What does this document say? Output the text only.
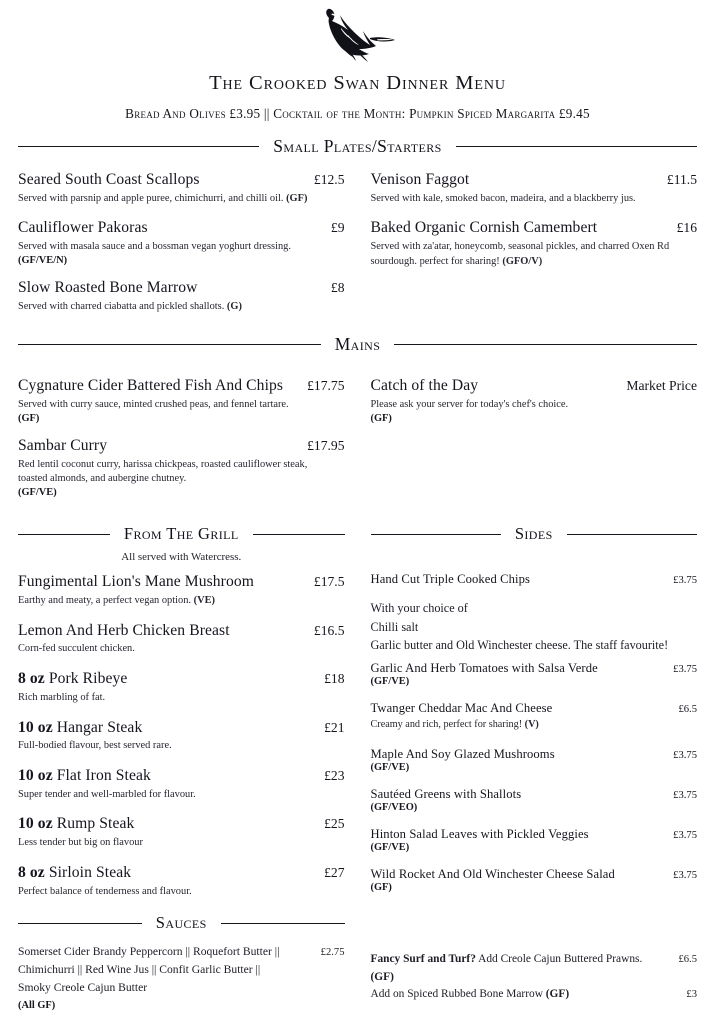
The Crooked Swan Dinner Menu
Bread And Olives £3.95 || Cocktail of the Month: Pumpkin Spiced Margarita £9.45
Small Plates/Starters
Seared South Coast Scallops	£12.5
Served with parsnip and apple puree, chimichurri, and chilli oil. (GF)
Cauliflower Pakoras	£9
Served with masala sauce and a bossman vegan yoghurt dressing.
(GF/VE/N)
Slow Roasted Bone Marrow	£8
Served with charred ciabatta and pickled shallots. (G)
Venison Faggot	£11.5
Served with kale, smoked bacon, madeira, and a blackberry jus.
Baked Organic Cornish Camembert	£16
Served with za'atar, honeycomb, seasonal pickles, and charred Oxen Rd sourdough. perfect for sharing! (GFO/V)
Mains
Cygnature Cider Battered Fish And Chips £17.75
Served with curry sauce, minted crushed peas, and fennel tartare.
(GF)
Sambar Curry	£17.95
Red lentil coconut curry, harissa chickpeas, roasted cauliflower steak, toasted almonds, and aubergine chutney.
(GF/VE)
Catch of the Day	Market Price
Please ask your server for today's chef's choice.
(GF)
From The Grill
All served with Watercress.
Fungimental Lion's Mane Mushroom	£17.5
Earthy and meaty, a perfect vegan option. (VE)
Lemon And Herb Chicken Breast	£16.5
Corn-fed succulent chicken.
8 oz Pork Ribeye	£18
Rich marbling of fat.
10 oz Hangar Steak	£21
Full-bodied flavour, best served rare.
10 oz Flat Iron Steak	£23
Super tender and well-marbled for flavour.
10 oz Rump Steak	£25
Less tender but big on flavour
8 oz Sirloin Steak	£27
Perfect balance of tenderness and flavour.
Sides
Hand Cut Triple Cooked Chips	£3.75
With your choice of
Chilli salt
Garlic butter and Old Winchester cheese. The staff favourite!
Garlic And Herb Tomatoes with Salsa Verde	£3.75
(GF/VE)
Twanger Cheddar Mac And Cheese	£6.5
Creamy and rich, perfect for sharing! (V)
Maple And Soy Glazed Mushrooms	£3.75
(GF/VE)
Sautéed Greens with Shallots	£3.75
(GF/VEO)
Hinton Salad Leaves with Pickled Veggies	£3.75
(GF/VE)
Wild Rocket And Old Winchester Cheese Salad	£3.75
(GF)
Sauces
Somerset Cider Brandy Peppercorn || Roquefort Butter ||	£2.75
Chimichurri || Red Wine Jus || Confit Garlic Butter ||
Smoky Creole Cajun Butter
(All GF)
Fancy Surf and Turf? Add Creole Cajun Buttered Prawns. (GF)
£6.5
Add on Spiced Rubbed Bone Marrow (GF)	£3
